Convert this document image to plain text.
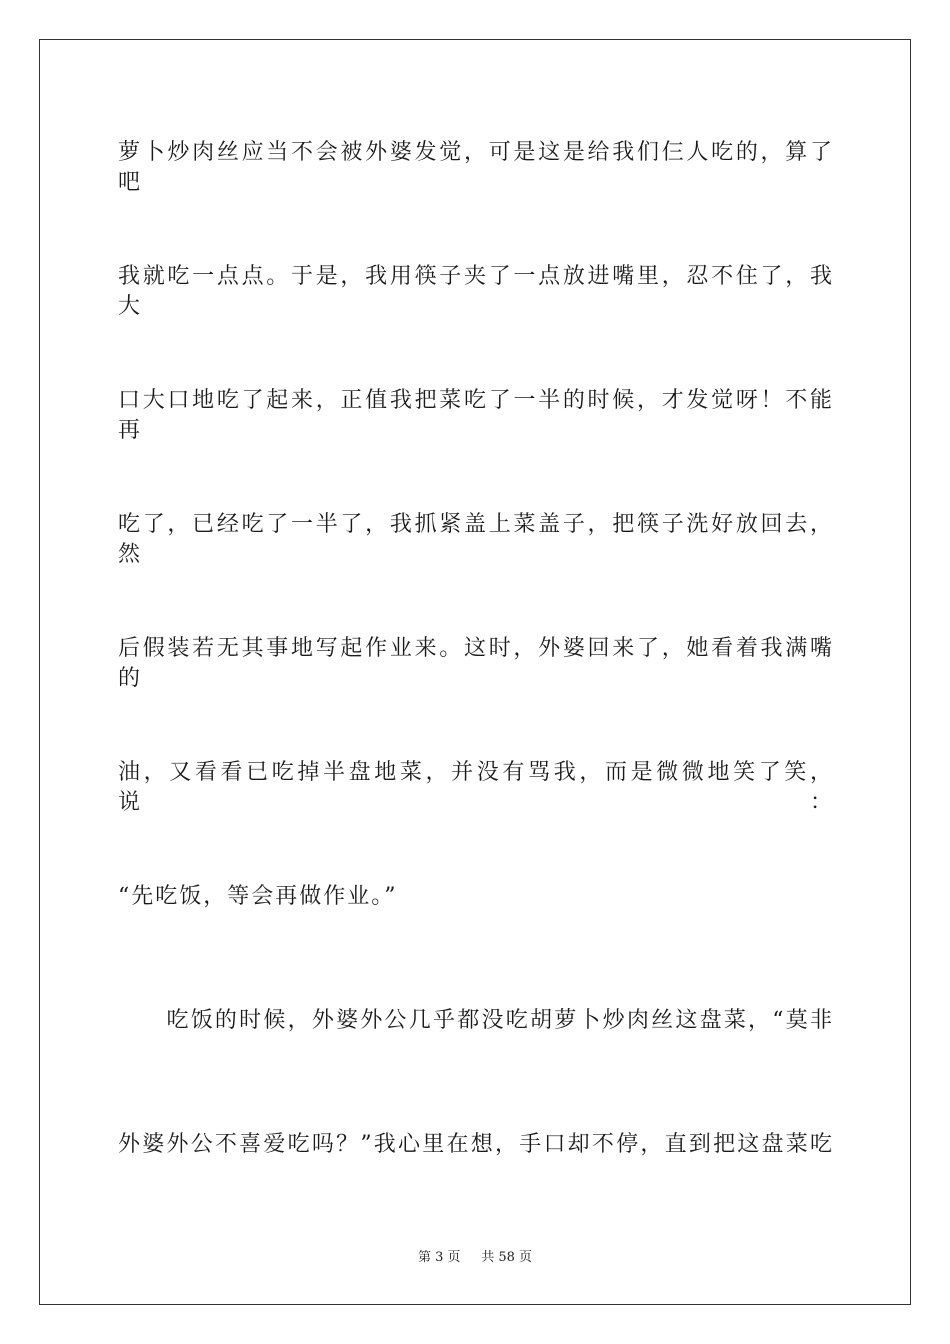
萝卜炒肉丝应当不会被外婆发觉，可是这是给我们仨人吃的，算了吧
我就吃一点点。于是，我用筷子夹了一点放进嘴里，忍不住了，我大
口大口地吃了起来，正值我把菜吃了一半的时候，才发觉呀！不能再
吃了，已经吃了一半了，我抓紧盖上菜盖子，把筷子洗好放回去，然
后假装若无其事地写起作业来。这时，外婆回来了，她看着我满嘴的
油，又看看已吃掉半盘地菜，并没有骂我，而是微微地笑了笑，说：
“先吃饭，等会再做作业。”
　　吃饭的时候，外婆外公几乎都没吃胡萝卜炒肉丝这盘菜，“莫非
外婆外公不喜爱吃吗？”我心里在想，手口却不停，直到把这盘菜吃
第 3 页 共 58 页
